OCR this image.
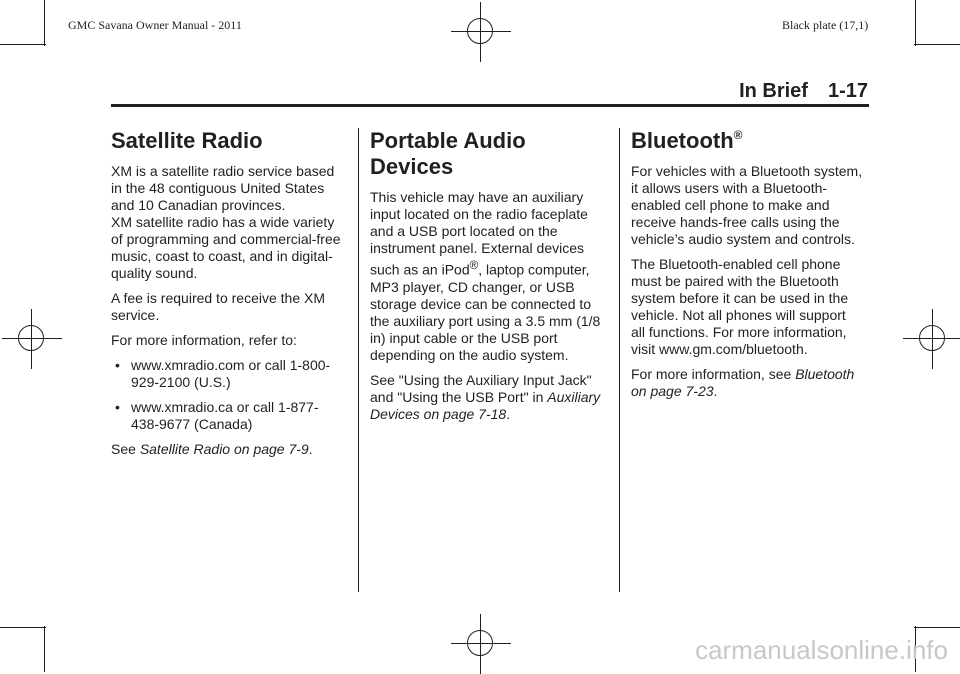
GMC Savana Owner Manual - 2011	Black plate (17,1)
In Brief 1-17
Satellite Radio

XM is a satellite radio service based in the 48 contiguous United States and 10 Canadian provinces.
XM satellite radio has a wide variety of programming and commercial-free music, coast to coast, and in digital-quality sound.

A fee is required to receive the XM service.

For more information, refer to:

• www.xmradio.com or call 1-800-929-2100 (U.S.)
• www.xmradio.ca or call 1-877-438-9677 (Canada)

See Satellite Radio on page 7-9.

Portable Audio Devices

This vehicle may have an auxiliary input located on the radio faceplate and a USB port located on the instrument panel. External devices such as an iPod®, laptop computer, MP3 player, CD changer, or USB storage device can be connected to the auxiliary port using a 3.5 mm (1/8 in) input cable or the USB port depending on the audio system.

See "Using the Auxiliary Input Jack" and "Using the USB Port" in Auxiliary Devices on page 7-18.

Bluetooth®

For vehicles with a Bluetooth system, it allows users with a Bluetooth-enabled cell phone to make and receive hands-free calls using the vehicle’s audio system and controls.

The Bluetooth-enabled cell phone must be paired with the Bluetooth system before it can be used in the vehicle. Not all phones will support all functions. For more information, visit www.gm.com/bluetooth.

For more information, see Bluetooth on page 7-23.

carmanualsonline.info
